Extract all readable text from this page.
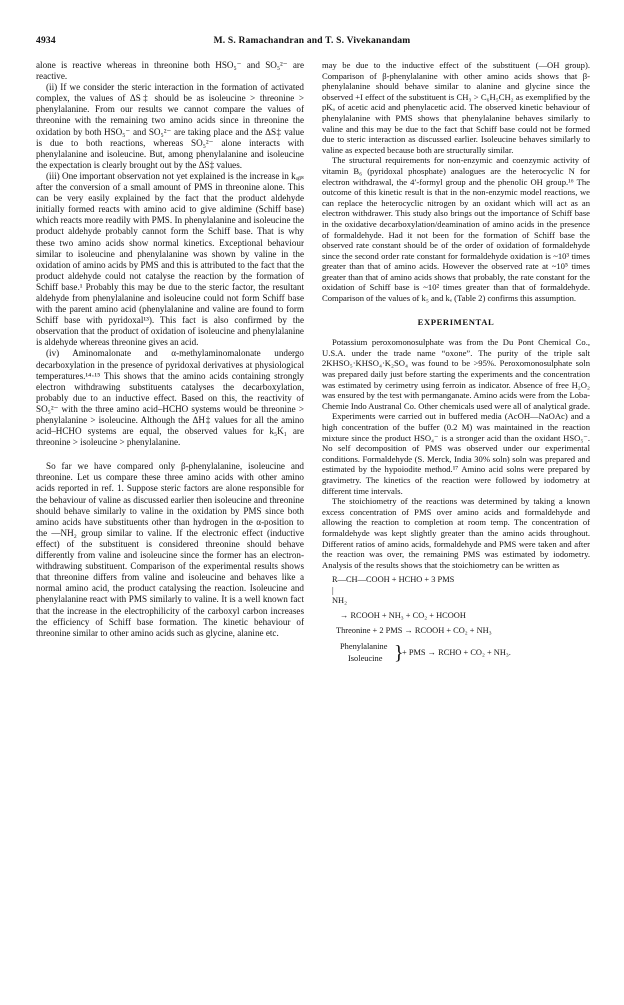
4934	M. S. Ramachandran and T. S. Vivekanandam

alone is reactive whereas in threonine both HSO₅⁻ and SO₅²⁻ are reactive.

(ii) If we consider the steric interaction in the formation of activated complex, the values of ΔS‡ should be as isoleucine > threonine > phenylalanine. From our results we cannot compare the values of threonine with the remaining two amino acids since in threonine the oxidation by both HSO₅⁻ and SO₅²⁻ are taking place and the ΔS‡ value is due to both reactions, whereas SO₅²⁻ alone interacts with phenylalanine and isoleucine. But, among phenylalanine and isoleucine the expectation is clearly brought out by the ΔS‡ values.

(iii) One important observation not yet explained is the increase in kₒᵦₛ after the conversion of a small amount of PMS in threonine alone. This can be very easily explained by the fact that the product aldehyde initially formed reacts with amino acid to give aldimine (Schiff base) which reacts more readily with PMS. In phenylalanine and isoleucine the product aldehyde probably cannot form the Schiff base. That is why these two amino acids show normal kinetics. Exceptional behaviour similar to isoleucine and phenylalanine was shown by valine in the oxidation of amino acids by PMS and this is attributed to the fact that the product aldehyde could not catalyse the reaction by the formation of Schiff base.¹ Probably this may be due to the steric factor, the resultant aldehyde from phenylalanine and isoleucine could not form Schiff base with the parent amino acid (phenylalanine and valine are found to form Schiff base with pyridoxal¹³). This fact is also confirmed by the observation that the product of oxidation of isoleucine and phenylalanine is aldehyde whereas threonine gives an acid.

(iv) Aminomalonate and α-methylaminomalonate undergo decarboxylation in the presence of pyridoxal derivatives at physiological temperatures.¹⁴·¹⁵ This shows that the amino acids containing strongly electron withdrawing substituents catalyses the decarboxylation, probably due to an inductive effect. Based on this, the reactivity of SO₅²⁻ with the three amino acid–HCHO systems would be threonine > phenylalanine > isoleucine. Although the ΔH‡ values for all the amino acid–HCHO systems are equal, the observed values for k₅K₁ are threonine > isoleucine > phenylalanine.

So far we have compared only β-phenylalanine, isoleucine and threonine. Let us compare these three amino acids with other amino acids reported in ref. 1. Suppose steric factors are alone responsible for the behaviour of valine as discussed earlier then isoleucine and threonine should behave similarly to valine in the oxidation by PMS since both amino acids have substituents other than hydrogen in the α-position to the —NH₂ group similar to valine. If the electronic effect (inductive effect) of the substituent is considered threonine should behave differently from valine and isoleucine since the former has an electron-withdrawing substituent. Comparison of the experimental results shows that threonine differs from valine and isoleucine and behaves like a normal amino acid, the product catalysing the reaction. Isoleucine and phenylalanine react with PMS similarly to valine. It is a well known fact that the increase in the electrophilicity of the carboxyl carbon increases the efficiency of Schiff base formation. The kinetic behaviour of threonine similar to other amino acids such as glycine, alanine etc.

may be due to the inductive effect of the substituent (—OH group). Comparison of β-phenylalanine with other amino acids shows that β-phenylalanine should behave similar to alanine and glycine since the observed +I effect of the substituent is CH₃ > C₆H₅CH₂ as exemplified by the pKₐ of acetic acid and phenylacetic acid. The observed kinetic behaviour of phenylalanine with PMS shows that phenylalanine behaves similarly to valine and this may be due to the fact that Schiff base could not be formed due to steric interaction as discussed earlier. Isoleucine behaves similarly to valine as expected because both are structurally similar.

The structural requirements for non-enzymic and coenzymic activity of vitamin B₆ (pyridoxal phosphate) analogues are the heterocyclic N for electron withdrawal, the 4′-formyl group and the phenolic OH group.¹⁶ The outcome of this kinetic result is that in the non-enzymic model reactions, we can replace the heterocyclic nitrogen by an oxidant which will act as an electron withdrawer. This study also brings out the importance of Schiff base in the oxidative decarboxylation/deamination of amino acids in the presence of formaldehyde. Had it not been for the formation of Schiff base the observed rate constant should be of the order of oxidation of formaldehyde since the second order rate constant for formaldehyde oxidation is ~10³ times greater than that of amino acids. However the observed rate at ~10⁵ times greater than that of amino acids shows that probably, the rate constant for the oxidation of Schiff base is ~10² times greater than that of formaldehyde. Comparison of the values of k₅ and kₑ (Table 2) confirms this assumption.

EXPERIMENTAL

Potassium peroxomonosulphate was from the Du Pont Chemical Co., U.S.A. under the trade name “oxone”. The purity of the triple salt 2KHSO₅·KHSO₄·K₂SO₄ was found to be >95%. Peroxomonosulphate soln was prepared daily just before starting the experiments and the concentration was estimated by cerimetry using ferroin as indicator. Absence of free H₂O₂ was ensured by the test with permanganate. Amino acids were from the Loba-Chemie Indo Austranal Co. Other chemicals used were all of analytical grade.

Experiments were carried out in buffered media (AcOH—NaOAc) and a high concentration of the buffer (0.2 M) was maintained in the reaction mixture since the product HSO₄⁻ is a stronger acid than the oxidant HSO₅⁻. No self decomposition of PMS was observed under our experimental conditions. Formaldehyde (S. Merck, India 30% soln) soln was prepared and estimated by the hypoiodite method.¹⁷ Amino acid solns were prepared by gravimetry. The kinetics of the reaction were followed by iodometry at different time intervals.

The stoichiometry of the reactions was determined by taking a known excess concentration of PMS over amino acids and formaldehyde and allowing the reaction to completion at room temp. The concentration of formaldehyde was kept slightly greater than the amino acids throughout. Different ratios of amino acids, formaldehyde and PMS were taken and after the reaction was over, the remaining PMS was estimated by iodometry. Analysis of the results shows that the stoichiometry can be written as

R—CH—COOH + HCHO + 3 PMS
|
NH₂
→ RCOOH + NH₃ + CO₂ + HCOOH
Threonine + 2 PMS → RCOOH + CO₂ + NH₃
Phenylalanine
Isoleucine }
+ PMS → RCHO + CO₂ + NH₃.
